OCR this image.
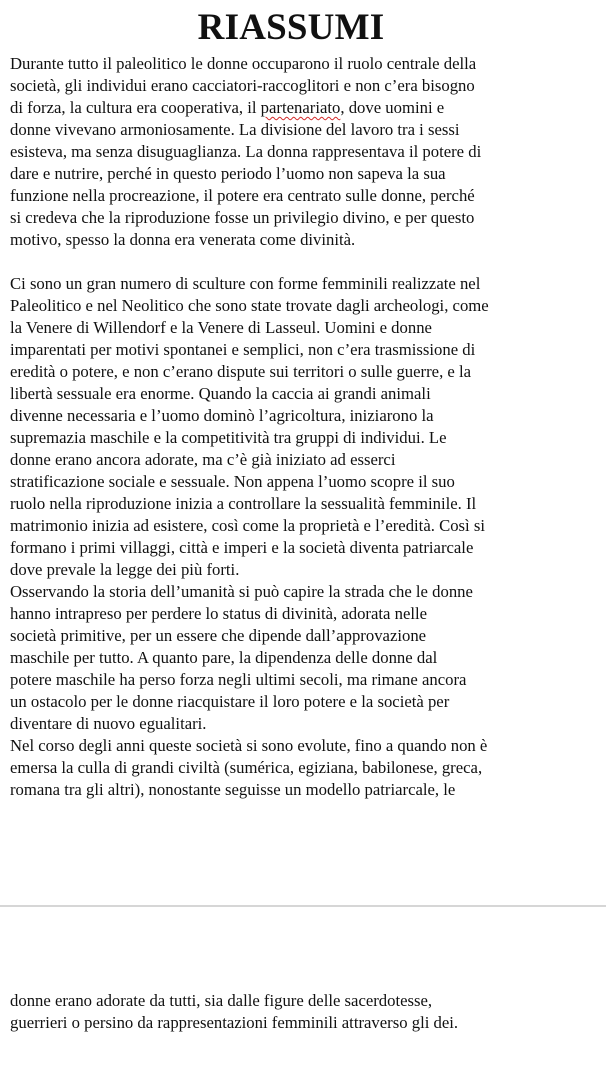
RIASSUMI
Durante tutto il paleolitico le donne occuparono il ruolo centrale della
società, gli individui erano cacciatori-raccoglitori e non c’era bisogno
di forza, la cultura era cooperativa, il partenariato, dove uomini e
donne vivevano armoniosamente. La divisione del lavoro tra i sessi
esisteva, ma senza disuguaglianza. La donna rappresentava il potere di
dare e nutrire, perché in questo periodo l’uomo non sapeva la sua
funzione nella procreazione, il potere era centrato sulle donne, perché
si credeva che la riproduzione fosse un privilegio divino, e per questo
motivo, spesso la donna era venerata come divinità.
Ci sono un gran numero di sculture con forme femminili realizzate nel
Paleolitico e nel Neolitico che sono state trovate dagli archeologi, come
la Venere di Willendorf e la Venere di Lasseul. Uomini e donne
imparentati per motivi spontanei e semplici, non c’era trasmissione di
eredità o potere, e non c’erano dispute sui territori o sulle guerre, e la
libertà sessuale era enorme. Quando la caccia ai grandi animali
divenne necessaria e l’uomo dominò l’agricoltura, iniziarono la
supremazia maschile e la competitività tra gruppi di individui. Le
donne erano ancora adorate, ma c’è già iniziato ad esserci
stratificazione sociale e sessuale. Non appena l’uomo scopre il suo
ruolo nella riproduzione inizia a controllare la sessualità femminile. Il
matrimonio inizia ad esistere, così come la proprietà e l’eredità. Così si
formano i primi villaggi, città e imperi e la società diventa patriarcale
dove prevale la legge dei più forti.
Osservando la storia dell’umanità si può capire la strada che le donne
hanno intrapreso per perdere lo status di divinità, adorata nelle
società primitive, per un essere che dipende dall’approvazione
maschile per tutto. A quanto pare, la dipendenza delle donne dal
potere maschile ha perso forza negli ultimi secoli, ma rimane ancora
un ostacolo per le donne riacquistare il loro potere e la società per
diventare di nuovo egualitari.
Nel corso degli anni queste società si sono evolute, fino a quando non è
emersa la culla di grandi civiltà (sumérica, egiziana, babilonese, greca,
romana tra gli altri), nonostante seguisse un modello patriarcale, le
donne erano adorate da tutti, sia dalle figure delle sacerdotesse,
guerrieri o persino da rappresentazioni femminili attraverso gli dei.
